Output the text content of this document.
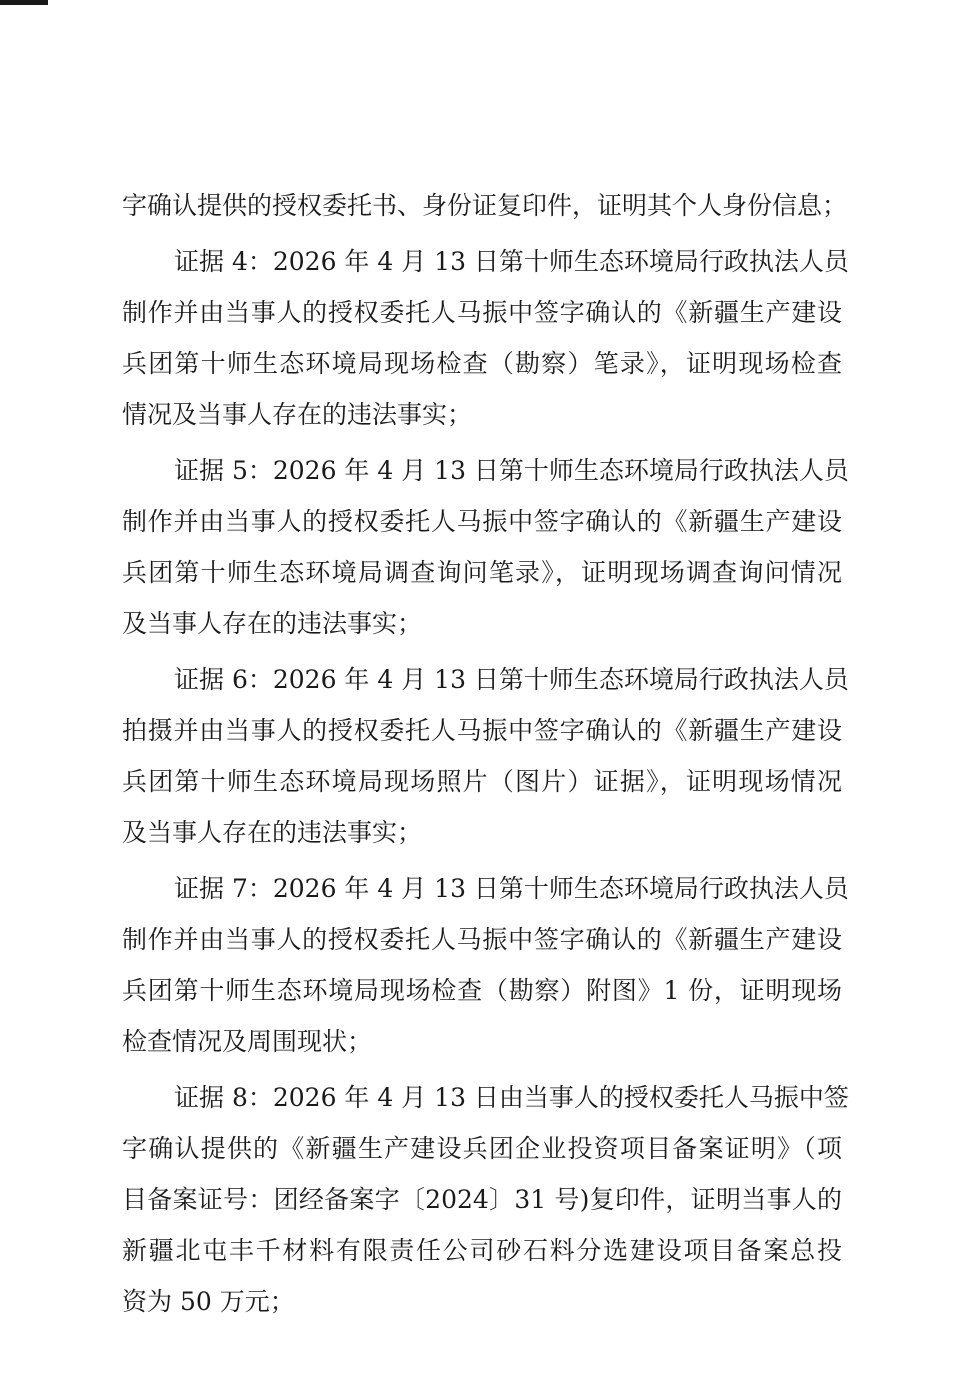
字确认提供的授权委托书、身份证复印件，证明其个人身份信息；
证据 4：2026 年 4 月 13 日第十师生态环境局行政执法人员
制作并由当事人的授权委托人马振中签字确认的《新疆生产建设
兵团第十师生态环境局现场检查（勘察）笔录》，证明现场检查
情况及当事人存在的违法事实；
证据 5：2026 年 4 月 13 日第十师生态环境局行政执法人员
制作并由当事人的授权委托人马振中签字确认的《新疆生产建设
兵团第十师生态环境局调查询问笔录》，证明现场调查询问情况
及当事人存在的违法事实；
证据 6：2026 年 4 月 13 日第十师生态环境局行政执法人员
拍摄并由当事人的授权委托人马振中签字确认的《新疆生产建设
兵团第十师生态环境局现场照片（图片）证据》，证明现场情况
及当事人存在的违法事实；
证据 7：2026 年 4 月 13 日第十师生态环境局行政执法人员
制作并由当事人的授权委托人马振中签字确认的《新疆生产建设
兵团第十师生态环境局现场检查（勘察）附图》1 份，证明现场
检查情况及周围现状；
证据 8：2026 年 4 月 13 日由当事人的授权委托人马振中签
字确认提供的《新疆生产建设兵团企业投资项目备案证明》（项
目备案证号：团经备案字〔2024〕31 号)复印件，证明当事人的
新疆北屯丰千材料有限责任公司砂石料分选建设项目备案总投
资为 50 万元；
